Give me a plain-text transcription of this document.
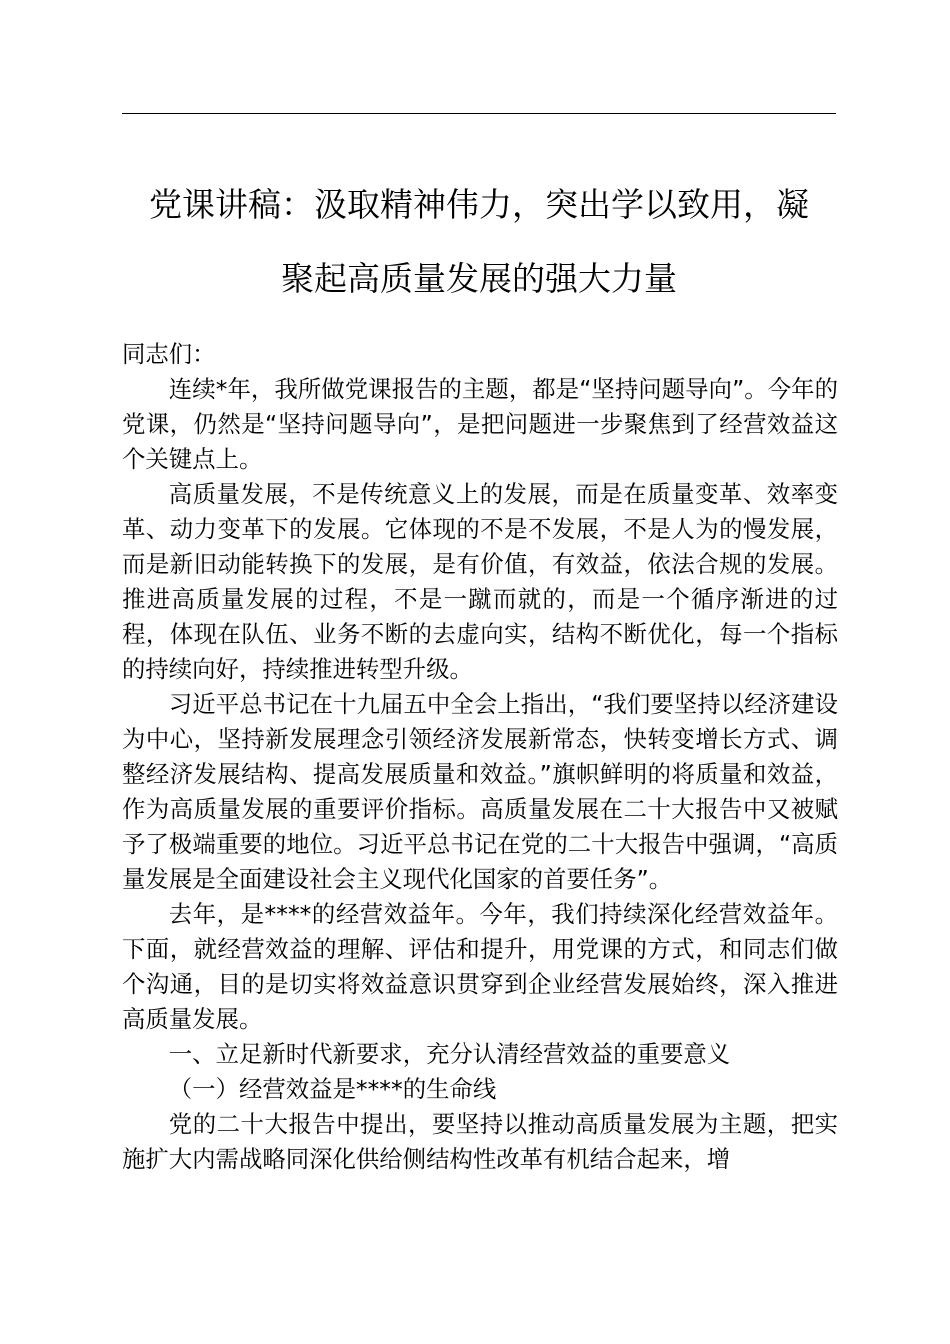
党课讲稿：汲取精神伟力，突出学以致用，凝
聚起高质量发展的强大力量

同志们：

连续*年，我所做党课报告的主题，都是“坚持问题导向”。今年的党课，仍然是“坚持问题导向”，是把问题进一步聚焦到了经营效益这个关键点上。

高质量发展，不是传统意义上的发展，而是在质量变革、效率变革、动力变革下的发展。它体现的不是不发展，不是人为的慢发展，而是新旧动能转换下的发展，是有价值，有效益，依法合规的发展。推进高质量发展的过程，不是一蹴而就的，而是一个循序渐进的过程，体现在队伍、业务不断的去虚向实，结构不断优化，每一个指标的持续向好，持续推进转型升级。

习近平总书记在十九届五中全会上指出，“我们要坚持以经济建设为中心，坚持新发展理念引领经济发展新常态，快转变增长方式、调整经济发展结构、提高发展质量和效益。”旗帜鲜明的将质量和效益，作为高质量发展的重要评价指标。高质量发展在二十大报告中又被赋予了极端重要的地位。习近平总书记在党的二十大报告中强调，“高质量发展是全面建设社会主义现代化国家的首要任务”。

去年，是****的经营效益年。今年，我们持续深化经营效益年。下面，就经营效益的理解、评估和提升，用党课的方式，和同志们做个沟通，目的是切实将效益意识贯穿到企业经营发展始终，深入推进高质量发展。

一、立足新时代新要求，充分认清经营效益的重要意义

（一）经营效益是****的生命线

党的二十大报告中提出，要坚持以推动高质量发展为主题，把实施扩大内需战略同深化供给侧结构性改革有机结合起来，增
